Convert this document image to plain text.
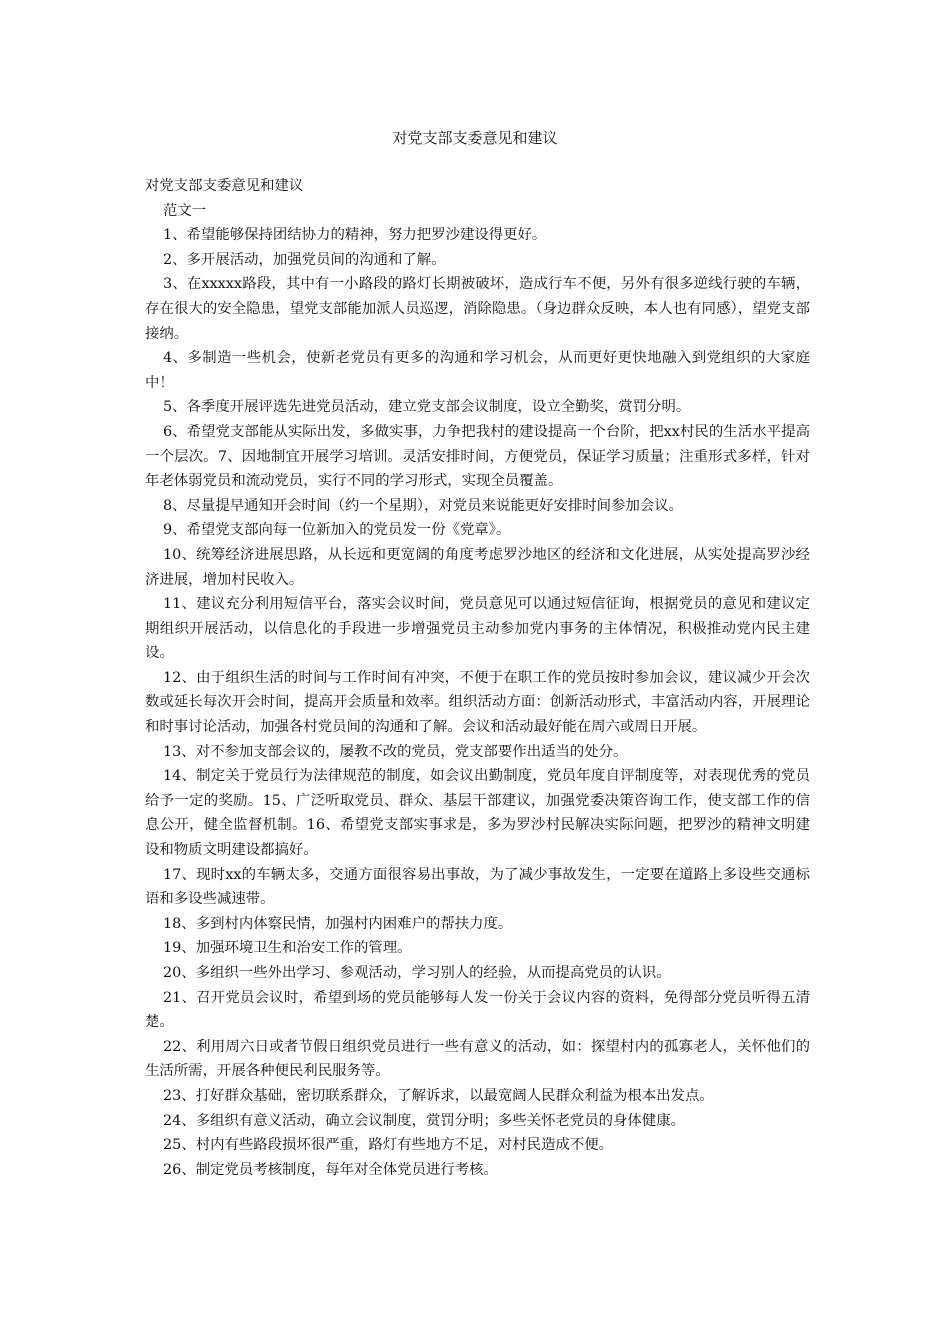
对党支部支委意见和建议

对党支部支委意见和建议

范文一

1、希望能够保持团结协力的精神，努力把罗沙建设得更好。

2、多开展活动，加强党员间的沟通和了解。

3、在xxxxx路段，其中有一小路段的路灯长期被破坏，造成行车不便，另外有很多逆线行驶的车辆，存在很大的安全隐患，望党支部能加派人员巡逻，消除隐患。（身边群众反映，本人也有同感），望党支部接纳。

4、多制造一些机会，使新老党员有更多的沟通和学习机会，从而更好更快地融入到党组织的大家庭中！

5、各季度开展评选先进党员活动，建立党支部会议制度，设立全勤奖，赏罚分明。

6、希望党支部能从实际出发，多做实事，力争把我村的建设提高一个台阶，把xx村民的生活水平提高一个层次。7、因地制宜开展学习培训。灵活安排时间，方便党员，保证学习质量；注重形式多样，针对年老体弱党员和流动党员，实行不同的学习形式，实现全员覆盖。

8、尽量提早通知开会时间（约一个星期），对党员来说能更好安排时间参加会议。

9、希望党支部向每一位新加入的党员发一份《党章》。

10、统筹经济进展思路，从长远和更宽阔的角度考虑罗沙地区的经济和文化进展，从实处提高罗沙经济进展，增加村民收入。

11、建议充分利用短信平台，落实会议时间，党员意见可以通过短信征询，根据党员的意见和建议定期组织开展活动，以信息化的手段进一步增强党员主动参加党内事务的主体情况，积极推动党内民主建设。

12、由于组织生活的时间与工作时间有冲突，不便于在职工作的党员按时参加会议，建议减少开会次数或延长每次开会时间，提高开会质量和效率。组织活动方面：创新活动形式，丰富活动内容，开展理论和时事讨论活动，加强各村党员间的沟通和了解。会议和活动最好能在周六或周日开展。

13、对不参加支部会议的，屡教不改的党员，党支部要作出适当的处分。

14、制定关于党员行为法律规范的制度，如会议出勤制度，党员年度自评制度等，对表现优秀的党员给予一定的奖励。15、广泛听取党员、群众、基层干部建议，加强党委决策咨询工作，使支部工作的信息公开，健全监督机制。16、希望党支部实事求是，多为罗沙村民解决实际问题，把罗沙的精神文明建设和物质文明建设都搞好。

17、现时xx的车辆太多，交通方面很容易出事故，为了减少事故发生，一定要在道路上多设些交通标语和多设些减速带。

18、多到村内体察民情，加强村内困难户的帮扶力度。

19、加强环境卫生和治安工作的管理。

20、多组织一些外出学习、参观活动，学习别人的经验，从而提高党员的认识。

21、召开党员会议时，希望到场的党员能够每人发一份关于会议内容的资料，免得部分党员听得五清楚。

22、利用周六日或者节假日组织党员进行一些有意义的活动，如：探望村内的孤寡老人，关怀他们的生活所需，开展各种便民利民服务等。

23、打好群众基础，密切联系群众，了解诉求，以最宽阔人民群众利益为根本出发点。

24、多组织有意义活动，确立会议制度，赏罚分明；多些关怀老党员的身体健康。

25、村内有些路段损坏很严重，路灯有些地方不足，对村民造成不便。

26、制定党员考核制度，每年对全体党员进行考核。
